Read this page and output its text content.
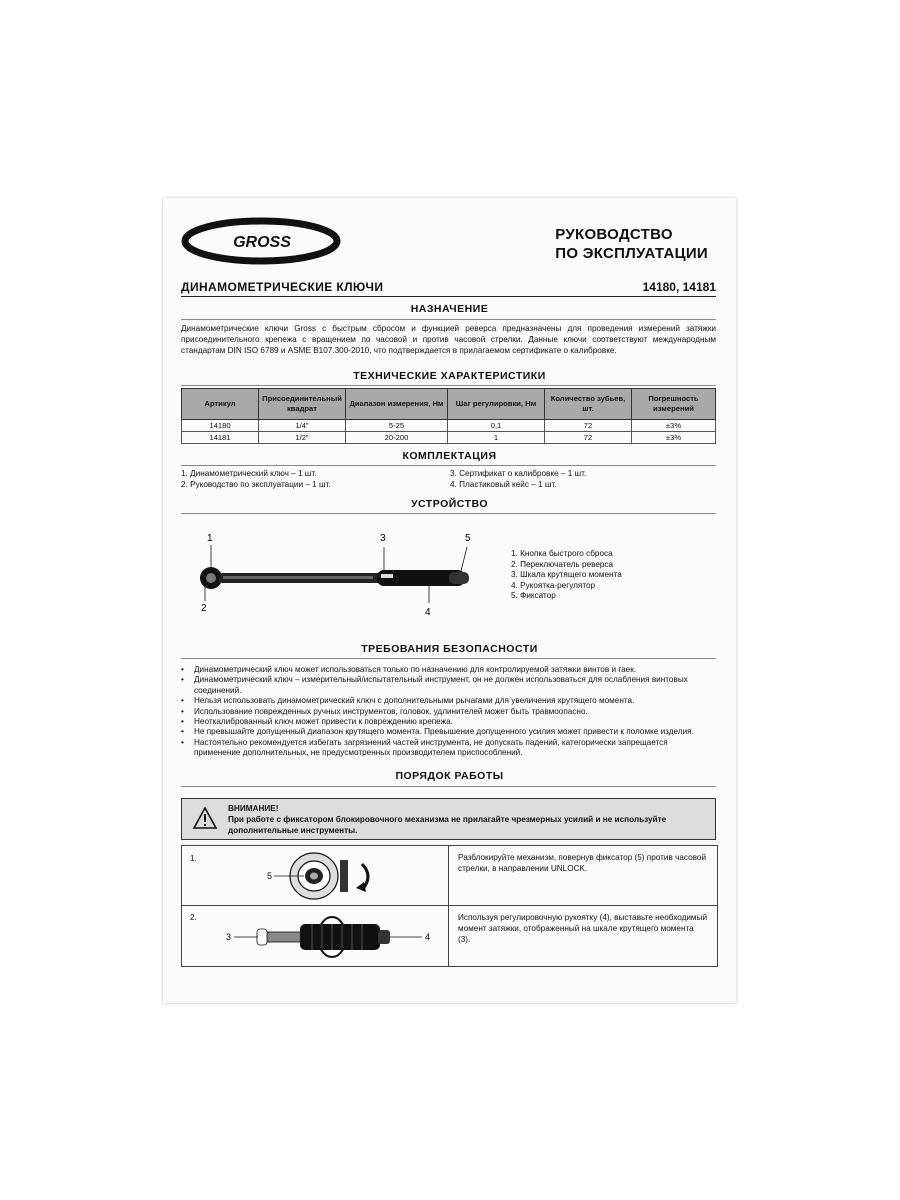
GROSS	РУКОВОДСТВО
ПО ЭКСПЛУАТАЦИИ
ДИНАМОМЕТРИЧЕСКИЕ КЛЮЧИ	14180, 14181
НАЗНАЧЕНИЕ
Динамометрические ключи Gross с быстрым сбросом и функцией реверса предназначены для проведения измерений затяжки присоединительного крепежа с вращением по часовой и против часовой стрелки. Данные ключи соответствуют международным стандартам DIN ISO 6789 и ASME B107.300-2010, что подтверждается в прилагаемом сертификате о калибровке.
ТЕХНИЧЕСКИЕ ХАРАКТЕРИСТИКИ
Артикул	Присоединительный квадрат	Диапазон измерения, Нм	Шаг регулировки, Нм	Количество зубьев, шт.	Погрешность измерений
14180	1/4"	5-25	0,1	72	±3%
14181	1/2"	20-200	1	72	±3%
КОМПЛЕКТАЦИЯ
1. Динамометрический ключ – 1 шт.
2. Руководство по эксплуатации – 1 шт.
3. Сертификат о калибровке – 1 шт.
4. Пластиковый кейс – 1 шт.
УСТРОЙСТВО
1
2
3
4
5
1. Кнопка быстрого сброса
2. Переключатель реверса
3. Шкала крутящего момента
4. Рукоятка-регулятор
5. Фиксатор
ТРЕБОВАНИЯ БЕЗОПАСНОСТИ
•	Динамометрический ключ может использоваться только по назначению для контролируемой затяжки винтов и гаек.
•	Динамометрический ключ – измерительный/испытательный инструмент, он не должен использоваться для ослабления винтовых соединений.
•	Нельзя использовать динамометрический ключ с дополнительными рычагами для увеличения крутящего момента.
•	Использование поврежденных ручных инструментов, головок, удлинителей может быть травмоопасно.
•	Неоткалиброванный ключ может привести к повреждению крепежа.
•	Не превышайте допущенный диапазон крутящего момента. Превышение допущенного усилия может привести к поломке изделия.
•	Настоятельно рекомендуется избегать загрязнений частей инструмента, не допускать падений, категорически запрещается применение дополнительных, не предусмотренных производителем приспособлений.
ПОРЯДОК РАБОТЫ
ВНИМАНИЕ!
При работе с фиксатором блокировочного механизма не прилагайте чрезмерных усилий и не используйте дополнительные инструменты.
1.
5
Разблокируйте механизм, повернув фиксатор (5) против часовой стрелки, в направлении UNLOCK.
2.
3	4
Используя регулировочную рукоятку (4), выставьте необходимый момент затяжки, отображенный на шкале крутящего момента (3).
